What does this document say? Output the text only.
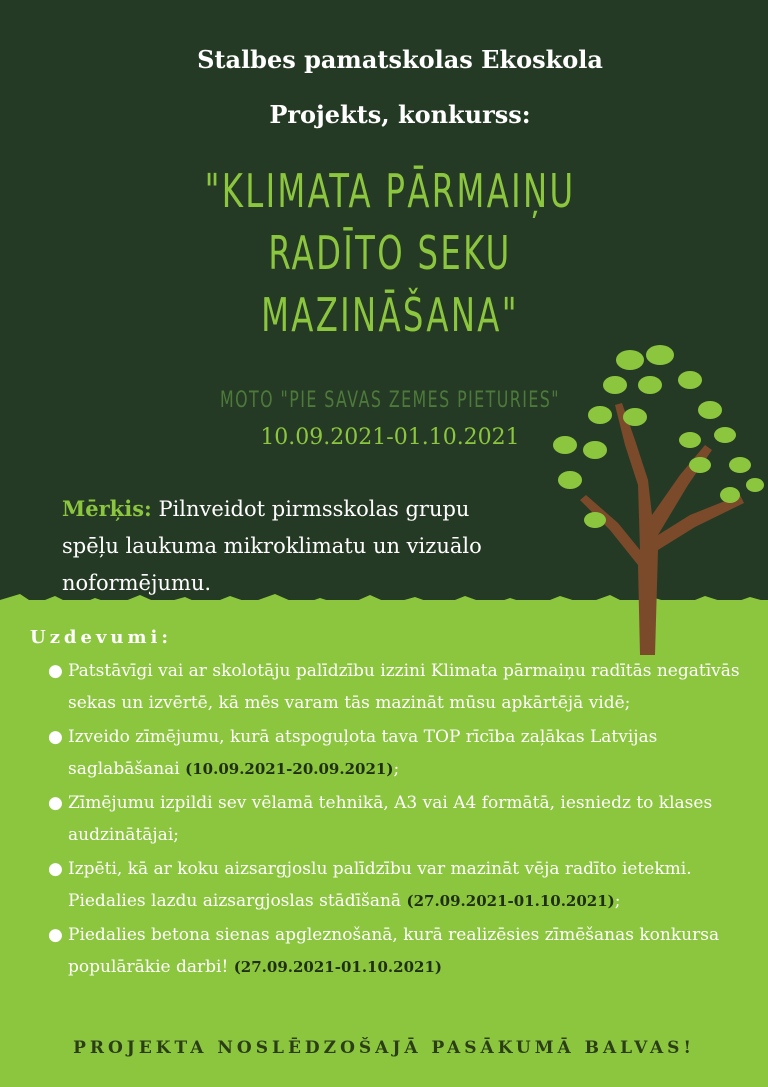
Stalbes pamatskolas Ekoskola
Projekts, konkurss:
"KLIMATA PĀRMAIŅU
RADĪTO SEKU
MAZINĀŠANA"
MOTO "PIE SAVAS ZEMES PIETURIES"
10.09.2021-01.10.2021
Mērķis: Pilnveidot pirmsskolas grupu spēļu laukuma mikroklimatu un vizuālo noformējumu.
Uzdevumi:
● Patstāvīgi vai ar skolotāju palīdzību izzini Klimata pārmaiņu radītās negatīvās sekas un izvērtē, kā mēs varam tās mazināt mūsu apkārtējā vidē;
● Izveido zīmējumu, kurā atspoguļota tava TOP rīcība zaļākas Latvijas saglabāšanai (10.09.2021-20.09.2021);
● Zīmējumu izpildi sev vēlamā tehnikā, A3 vai A4 formātā, iesniedz to klases audzinātājai;
● Izpēti, kā ar koku aizsargjoslu palīdzību var mazināt vēja radīto ietekmi. Piedalies lazdu aizsargjoslas stādīšanā (27.09.2021-01.10.2021);
● Piedalies betona sienas apgleznošanā, kurā realizēsies zīmēšanas konkursa populārākie darbi! (27.09.2021-01.10.2021)
PROJEKTA NOSLĒDZOŠAJĀ PASĀKUMĀ BALVAS!
